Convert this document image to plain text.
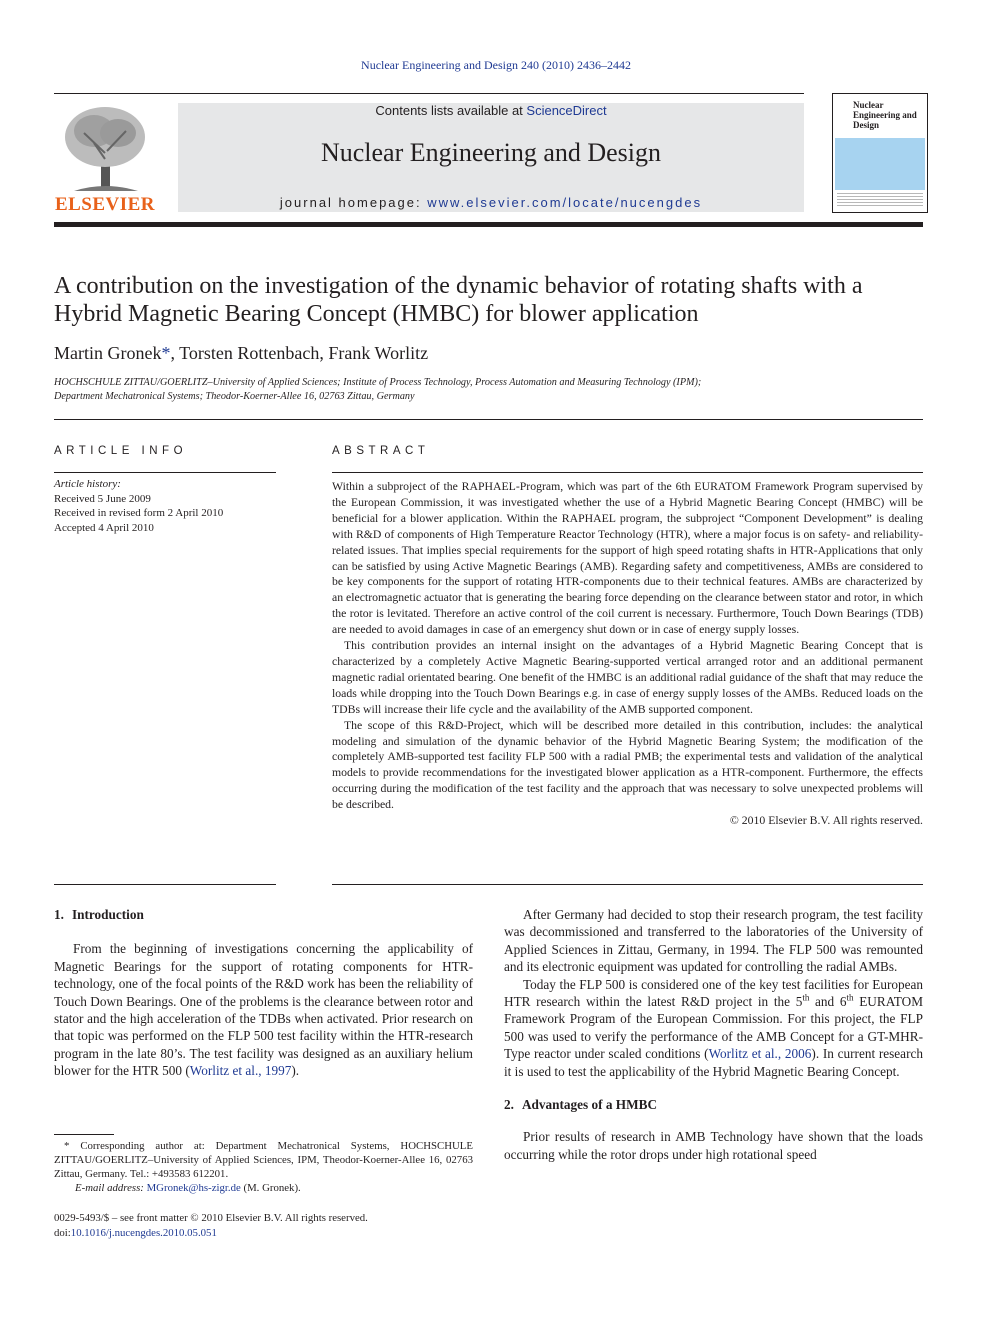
Nuclear Engineering and Design 240 (2010) 2436–2442
ELSEVIER
Contents lists available at ScienceDirect
Nuclear Engineering and Design
journal homepage: www.elsevier.com/locate/nucengdes
Nuclear Engineering and Design
A contribution on the investigation of the dynamic behavior of rotating shafts with a Hybrid Magnetic Bearing Concept (HMBC) for blower application
Martin Gronek*, Torsten Rottenbach, Frank Worlitz
HOCHSCHULE ZITTAU/GOERLITZ–University of Applied Sciences; Institute of Process Technology, Process Automation and Measuring Technology (IPM);
Department Mechatronical Systems; Theodor-Koerner-Allee 16, 02763 Zittau, Germany
ARTICLE INFO
Article history:
Received 5 June 2009
Received in revised form 2 April 2010
Accepted 4 April 2010
ABSTRACT

Within a subproject of the RAPHAEL-Program, which was part of the 6th EURATOM Framework Program supervised by the European Commission, it was investigated whether the use of a Hybrid Magnetic Bearing Concept (HMBC) will be beneficial for a blower application. Within the RAPHAEL program, the subproject “Component Development” is dealing with R&D of components of High Temperature Reactor Technology (HTR), where a major focus is on safety- and reliability-related issues. That implies special requirements for the support of high speed rotating shafts in HTR-Applications that only can be satisfied by using Active Magnetic Bearings (AMB). Regarding safety and competitiveness, AMBs are considered to be key components for the support of rotating HTR-components due to their technical features. AMBs are characterized by an electromagnetic actuator that is generating the bearing force depending on the clearance between stator and rotor, in which the rotor is levitated. Therefore an active control of the coil current is necessary. Furthermore, Touch Down Bearings (TDB) are needed to avoid damages in case of an emergency shut down or in case of energy supply losses.

This contribution provides an internal insight on the advantages of a Hybrid Magnetic Bearing Concept that is characterized by a completely Active Magnetic Bearing-supported vertical arranged rotor and an additional permanent magnetic radial orientated bearing. One benefit of the HMBC is an additional radial guidance of the shaft that may reduce the loads while dropping into the Touch Down Bearings e.g. in case of energy supply losses of the AMBs. Reduced loads on the TDBs will increase their life cycle and the availability of the AMB supported component.

The scope of this R&D-Project, which will be described more detailed in this contribution, includes: the analytical modeling and simulation of the dynamic behavior of the Hybrid Magnetic Bearing System; the modification of the completely AMB-supported test facility FLP 500 with a radial PMB; the experimental tests and validation of the analytical models to provide recommendations for the investigated blower application as a HTR-component. Furthermore, the effects occurring during the modification of the test facility and the approach that was necessary to solve unexpected problems will be described.

© 2010 Elsevier B.V. All rights reserved.
1. Introduction

From the beginning of investigations concerning the applicability of Magnetic Bearings for the support of rotating components for HTR-technology, one of the focal points of the R&D work has been the reliability of Touch Down Bearings. One of the problems is the clearance between rotor and stator and the high acceleration of the TDBs when activated. Prior research on that topic was performed on the FLP 500 test facility within the HTR-research program in the late 80’s. The test facility was designed as an auxiliary helium blower for the HTR 500 (Worlitz et al., 1997).

* Corresponding author at: Department Mechatronical Systems, HOCHSCHULE ZITTAU/GOERLITZ–University of Applied Sciences, IPM, Theodor-Koerner-Allee 16, 02763 Zittau, Germany. Tel.: +493583 612201.
E-mail address: MGronek@hs-zigr.de (M. Gronek).
0029-5493/$ – see front matter © 2010 Elsevier B.V. All rights reserved.
doi:10.1016/j.nucengdes.2010.05.051

After Germany had decided to stop their research program, the test facility was decommissioned and transferred to the laboratories of the University of Applied Sciences in Zittau, Germany, in 1994. The FLP 500 was remounted and its electronic equipment was updated for controlling the radial AMBs.

Today the FLP 500 is considered one of the key test facilities for European HTR research within the latest R&D project in the 5th and 6th EURATOM Framework Program of the European Commission. For this project, the FLP 500 was used to verify the performance of the AMB Concept for a GT-MHR-Type reactor under scaled conditions (Worlitz et al., 2006). In current research it is used to test the applicability of the Hybrid Magnetic Bearing Concept.

2. Advantages of a HMBC

Prior results of research in AMB Technology have shown that the loads occurring while the rotor drops under high rotational speed
